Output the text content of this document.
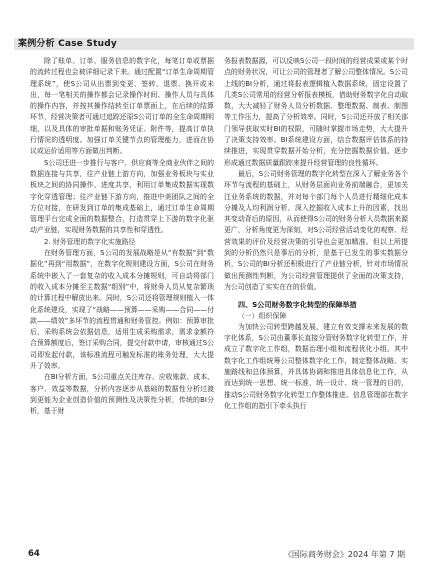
案例分析 Case Study

除了账单、订单、服务信息的数字化，每笔订单或票据的流转过程也会被详细记录下来。通过配置“订单生命周期管理系统”，使S公司从出票到变更、签转、退票、换开或未出，每一笔相关的操作都会记录操作时间、操作人员与具体的操作内容，并按其操作结转至订单票面上，在后续的结算环节，经营决策者可通过追踪还原S公司订单的全生命周期明细，以及具体的审批单据和账务凭证、附件等，提高订单执行情况的透明度。加强订单关键节点的管理能力，进而在协议或运价适用等方面做出判断。

S公司还进一步推行与客户、供应商等全商业伙伴之间的数据连接与共享，往产业链上游方向，加强业务板块与实业板块之间的协同操作、进度共享，利用订单集成数据实现数字化穿透管理；往产业链下游方向，推进中美团队之间的全方位对接，在研发到订单的集成基础上，通过订单生命周期管理平台完成全面的数据整合，打造贯穿上下游的数字化驱动产业链，实现财务数据的共享性和穿透性。

2. 财务管理的数字化实施路径

在财务管理方面，S公司的发展战略是从“有数据”到“数据化”再到“用数据”，在数字化规则建设方面，S公司在财务系统中嵌入了一套复杂的收入成本分摊规则，可自动将部门的收入成本分摊至主数据“组别”中，将财务人员从复杂繁琐的计算过程中解放出来。同时，S公司还将管理规则植入一体化系统建设，实现了“战略——预算——采购——合同——付款——绩效”多环节的流程贯通和财务管控。例如：预算审批后，采购系统会依据信息，适用生成采购需求，需求金额符合预算额度后，签订采购合同，提交付款申请，审核通过S公司即发起付款，该标准流程可触发标准的账务处理，大大提升了效率。

在BI分析方面，S公司重点关注库存、应收账款、成本、客户、效益等数据，分析内容逐步从基础的数据性分析过渡到更能为企业创造价值的预测性及决策性分析，传统的BI分析，基于财

务报表数据源，可以反映S公司一段时间的经营成果或某个时点的财务状况，可让公司的管理者了解公司整体情况。S公司上线的BI分析，通过将报表逻辑植入数据系统，固定设置了几类S公司常用的经营分析报表模板，借助财务数字化自动取数，大大减轻了财务人员分析数据、整理数据、制表、制图等工作压力，提高了分析效率。同时，S公司还开放了相关部门领导获取实时BI的权限，可随时掌握市场走势，大大提升了决策支持效率。BI系统建设方面，结合数据评估体系的持续推进，实现贯穿数据开始分析，充分挖掘数据价值，逐步形成通过数据质量跟踪来提升经营管理的良性循环。

最后，S公司财务管理的数字化转型在深入了解业务各个环节与流程的基础上，从财务层面向业务前端融合，更加关注业务系统的数据，并对每个部门每个人员进行精细化成本分摊及人均利润分析，深入挖掘收入成本上升的因素，找出其变动背后的原因，从而使得S公司的财务分析人员数据来源更广，分析角度更为深刻，对S公司经营活动变化的观察、经营效果的评价及经营决策的引导也会更加精准。但以上所提到的分析仍然只是事后的分析，是基于已发生的事实数据分析，S公司的BI分析还积极进行了产业链分析，针对市场情况做出预测性判断，为公司经营管理提供了全面的决策支持，为公司创造了实实在在的价值。

四、S公司财务数字化转型的保障举措

（一）组织保障

为加快公司转型跨越发展，建立有效支撑未来发展的数字化体系，S公司由董事长直接分管财务数字化转型工作，并成立了数字化工作组，数据治理小组和流程优化小组。其中数字化工作组统筹公司整体数字化工作，制定整体战略、实施路线和总体预算，并具体协调和推进具体信息化工作，从而达到统一思想、统一标准、统一设计、统一管理的目的，推动S公司财务数字化转型工作整体推进。信息管理部在数字化工作组的指引下牵头执行

64	《国际商务财会》2024 年第 7 期
